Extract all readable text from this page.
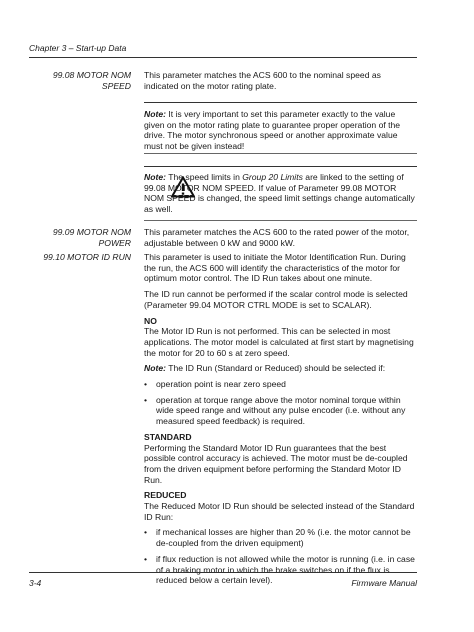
Chapter 3 – Start-up Data
99.08 MOTOR NOM
SPEED
This parameter matches the ACS 600 to the nominal speed as indicated on the motor rating plate.
Note: It is very important to set this parameter exactly to the value given on the motor rating plate to guarantee proper operation of the drive. The motor synchronous speed or another approximate value must not be given instead!
Note: The speed limits in Group 20 Limits are linked to the setting of 99.08 MOTOR NOM SPEED. If value of Parameter 99.08 MOTOR NOM SPEED is changed, the speed limit settings change automatically as well.
99.09 MOTOR NOM
POWER
This parameter matches the ACS 600 to the rated power of the motor, adjustable between 0 kW and 9000 kW.
99.10 MOTOR ID RUN This parameter is used to initiate the Motor Identification Run. During the run, the ACS 600 will identify the characteristics of the motor for optimum motor control. The ID Run takes about one minute.

The ID run cannot be performed if the scalar control mode is selected (Parameter 99.04 MOTOR CTRL MODE is set to SCALAR).

NO

The Motor ID Run is not performed. This can be selected in most applications. The motor model is calculated at first start by magnetising the motor for 20 to 60 s at zero speed.

Note: The ID Run (Standard or Reduced) should be selected if:

• operation point is near zero speed

• operation at torque range above the motor nominal torque within wide speed range and without any pulse encoder (i.e. without any measured speed feedback) is required.

STANDARD

Performing the Standard Motor ID Run guarantees that the best possible control accuracy is achieved. The motor must be de-coupled from the driven equipment before performing the Standard Motor ID Run.

REDUCED

The Reduced Motor ID Run should be selected instead of the Standard ID Run:

• if mechanical losses are higher than 20 % (i.e. the motor cannot be de-coupled from the driven equipment)

• if flux reduction is not allowed while the motor is running (i.e. in case of a braking motor in which the brake switches on if the flux is reduced below a certain level).

3-4	Firmware Manual
